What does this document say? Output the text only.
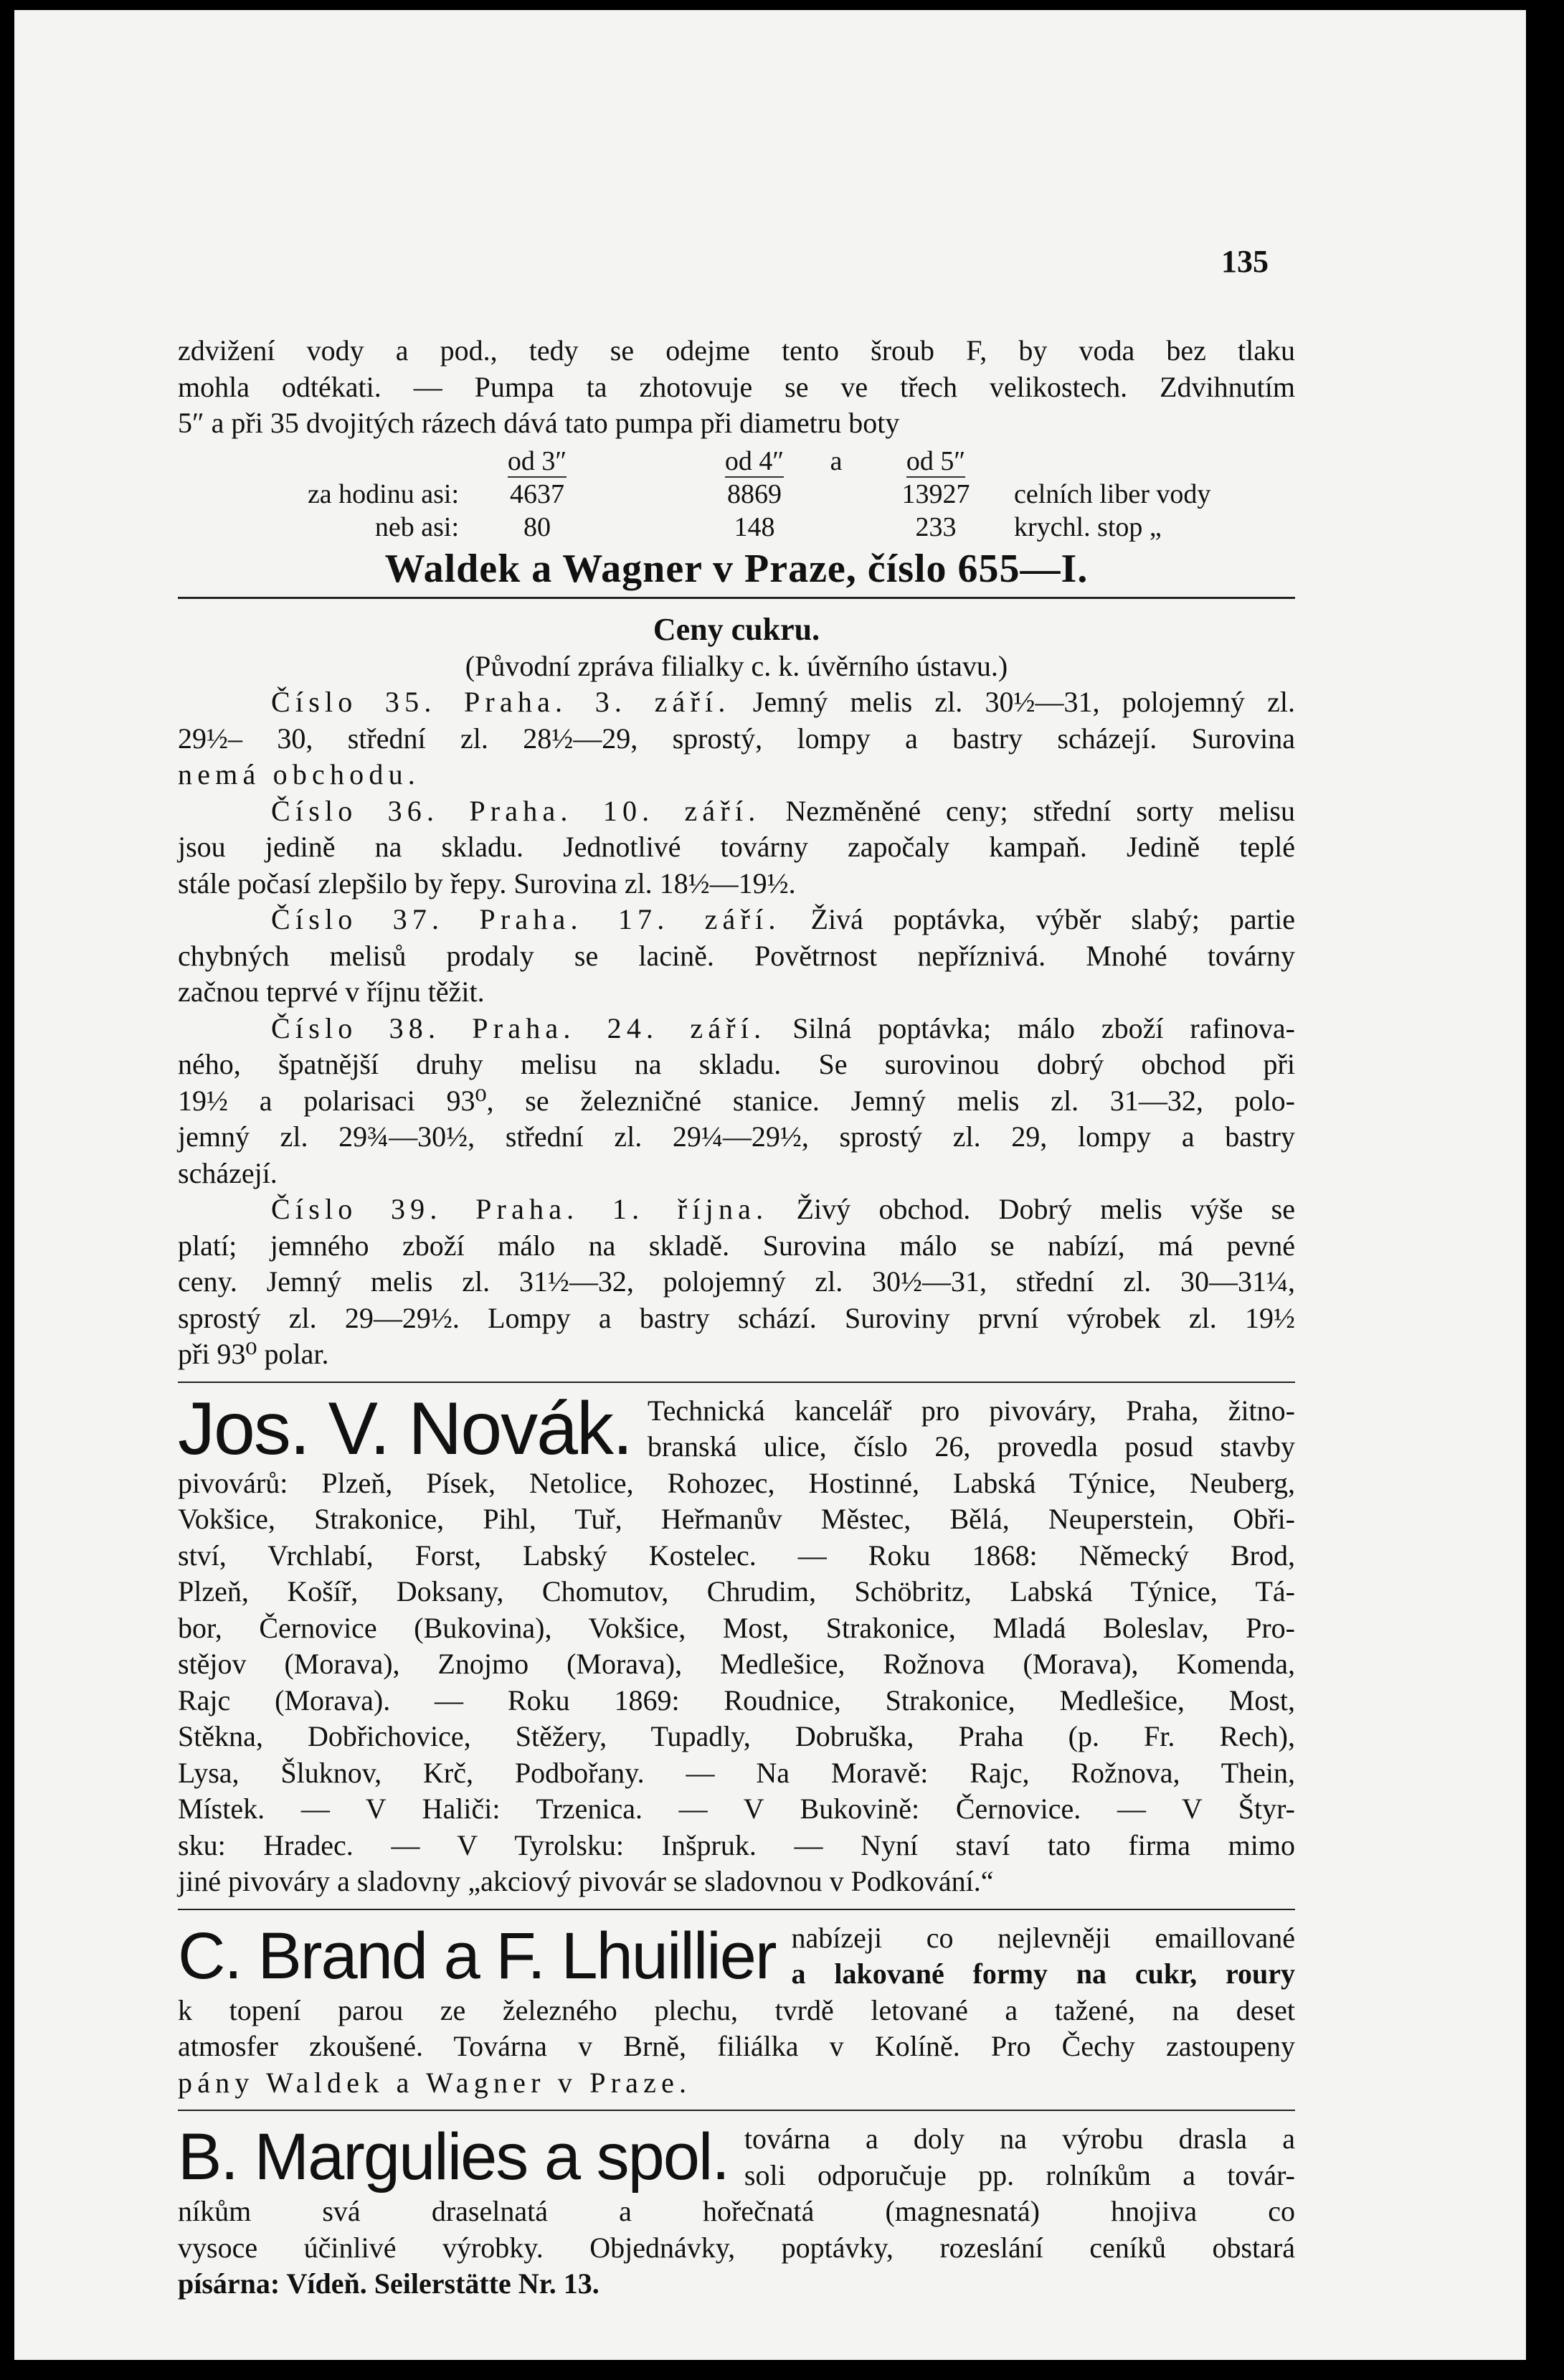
135

zdvižení vody a pod., tedy se odejme tento šroub F, by voda bez tlaku

mohla odtékati. — Pumpa ta zhotovuje se ve třech velikostech. Zdvihnutím

5″ a při 35 dvojitých rázech dává tato pumpa při diametru boty

	od 3″		od 4″	a	od 5″	
za hodinu asi:	4637		8869		13927	celních liber vody
neb asi:	80		148		233	krychl. stop „
Waldek a Wagner v Praze, číslo 655—I.
Ceny cukru.

(Původní zpráva filialky c. k. úvěrního ústavu.)

Číslo 35. Praha. 3. září. Jemný melis zl. 30½—31, polojemný zl.

29½– 30, střední zl. 28½—29, sprostý, lompy a bastry scházejí. Surovina

nemá obchodu.

Číslo 36. Praha. 10. září. Nezměněné ceny; střední sorty melisu

jsou jedině na skladu. Jednotlivé továrny započaly kampaň. Jedině teplé

stále počasí zlepšilo by řepy. Surovina zl. 18½—19½.

Číslo 37. Praha. 17. září. Živá poptávka, výběr slabý; partie

chybných melisů prodaly se lacině. Povětrnost nepříznivá. Mnohé továrny

začnou teprvé v říjnu těžit.

Číslo 38. Praha. 24. září. Silná poptávka; málo zboží rafinova-

ného, špatnější druhy melisu na skladu. Se surovinou dobrý obchod při

19½ a polarisaci 93⁰, se železničné stanice. Jemný melis zl. 31—32, polo-

jemný zl. 29¾—30½, střední zl. 29¼—29½, sprostý zl. 29, lompy a bastry

scházejí.

Číslo 39. Praha. 1. října. Živý obchod. Dobrý melis výše se

platí; jemného zboží málo na skladě. Surovina málo se nabízí, má pevné

ceny. Jemný melis zl. 31½—32, polojemný zl. 30½—31, střední zl. 30—31¼,

sprostý zl. 29—29½. Lompy a bastry schází. Suroviny první výrobek zl. 19½

při 93⁰ polar.

Jos. V. Novák. Technická kancelář pro pivováry, Praha, žitno-

branská ulice, číslo 26, provedla posud stavby

pivovárů: Plzeň, Písek, Netolice, Rohozec, Hostinné, Labská Týnice, Neuberg,

Vokšice, Strakonice, Pihl, Tuř, Heřmanův Městec, Bělá, Neuperstein, Obři-

ství, Vrchlabí, Forst, Labský Kostelec. — Roku 1868: Německý Brod,

Plzeň, Košíř, Doksany, Chomutov, Chrudim, Schöbritz, Labská Týnice, Tá-

bor, Černovice (Bukovina), Vokšice, Most, Strakonice, Mladá Boleslav, Pro-

stějov (Morava), Znojmo (Morava), Medlešice, Rožnova (Morava), Komenda,

Rajc (Morava). — Roku 1869: Roudnice, Strakonice, Medlešice, Most,

Stěkna, Dobřichovice, Stěžery, Tupadly, Dobruška, Praha (p. Fr. Rech),

Lysa, Šluknov, Krč, Podbořany. — Na Moravě: Rajc, Rožnova, Thein,

Místek. — V Haliči: Trzenica. — V Bukovině: Černovice. — V Štyr-

sku: Hradec. — V Tyrolsku: Inšpruk. — Nyní staví tato firma mimo

jiné pivováry a sladovny „akciový pivovár se sladovnou v Podkování.“

C. Brand a F. Lhuillier nabízeji co nejlevněji emaillované

a lakované formy na cukr, roury

k topení parou ze železného plechu, tvrdě letované a tažené, na deset

atmosfer zkoušené. Továrna v Brně, filiálka v Kolíně. Pro Čechy zastoupeny

pány Waldek a Wagner v Praze.

B. Margulies a spol. továrna a doly na výrobu drasla a

soli odporučuje pp. rolníkům a továr-

níkům svá draselnatá a hořečnatá (magnesnatá) hnojiva co

vysoce účinlivé výrobky. Objednávky, poptávky, rozeslání ceníků obstará

písárna: Vídeň. Seilerstätte Nr. 13.
